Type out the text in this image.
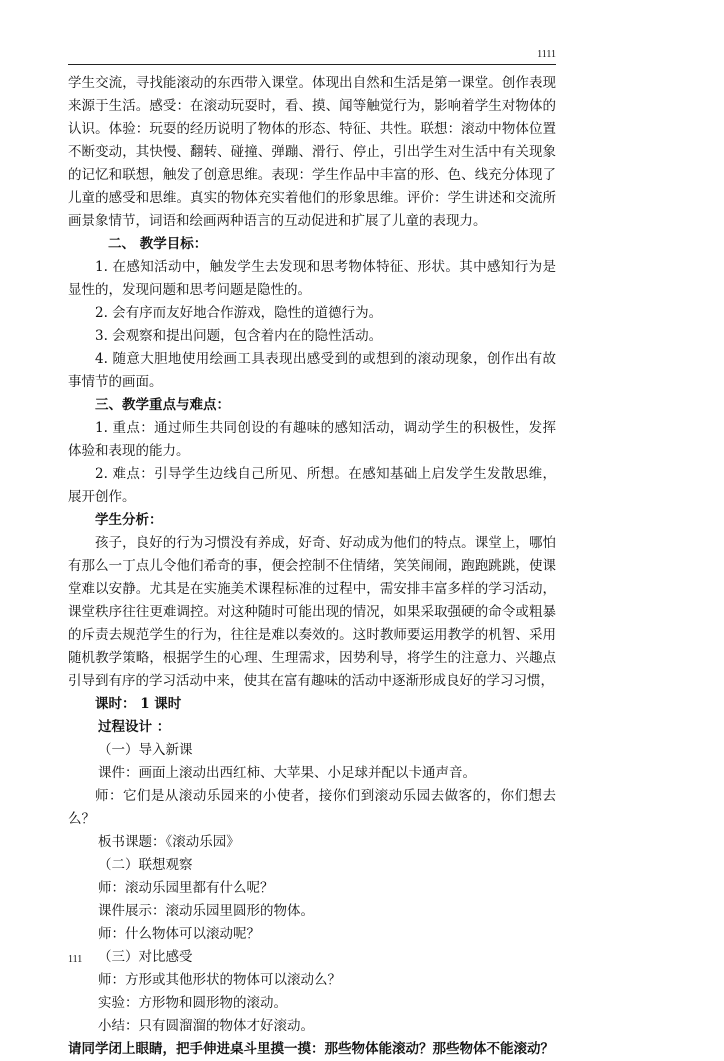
1111

学生交流，寻找能滚动的东西带入课堂。体现出自然和生活是第一课堂。创作表现来源于生活。感受：在滚动玩耍时，看、摸、闻等触觉行为，影响着学生对物体的认识。体验：玩耍的经历说明了物体的形态、特征、共性。联想：滚动中物体位置不断变动，其快慢、翻转、碰撞、弹蹦、滑行、停止，引出学生对生活中有关现象的记忆和联想，触发了创意思维。表现：学生作品中丰富的形、色、线充分体现了儿童的感受和思维。真实的物体充实着他们的形象思维。评价：学生讲述和交流所画景象情节，词语和绘画两种语言的互动促进和扩展了儿童的表现力。

二、 教学目标：

1. 在感知活动中，触发学生去发现和思考物体特征、形状。其中感知行为是显性的，发现问题和思考问题是隐性的。

2. 会有序而友好地合作游戏，隐性的道德行为。

3. 会观察和提出问题，包含着内在的隐性活动。

4. 随意大胆地使用绘画工具表现出感受到的或想到的滚动现象，创作出有故事情节的画面。

三、教学重点与难点：

1. 重点：通过师生共同创设的有趣味的感知活动，调动学生的积极性，发挥体验和表现的能力。

2. 难点：引导学生边线自己所见、所想。在感知基础上启发学生发散思维，展开创作。

学生分析：

孩子，良好的行为习惯没有养成，好奇、好动成为他们的特点。课堂上，哪怕有那么一丁点儿令他们希奇的事，便会控制不住情绪，笑笑闹闹，跑跑跳跳，使课堂难以安静。尤其是在实施美术课程标准的过程中，需安排丰富多样的学习活动，课堂秩序往往更难调控。对这种随时可能出现的情况，如果采取强硬的命令或粗暴的斥责去规范学生的行为，往往是难以奏效的。这时教师要运用教学的机智、采用随机教学策略，根据学生的心理、生理需求，因势利导，将学生的注意力、兴趣点引导到有序的学习活动中来，使其在富有趣味的活动中逐渐形成良好的学习习惯，

课时： 1 课时

过程设计 ：

（一）导入新课

课件：画面上滚动出西红柿、大苹果、小足球并配以卡通声音。

师：它们是从滚动乐园来的小使者，接你们到滚动乐园去做客的，你们想去么？

板书课题：《滚动乐园》

（二）联想观察

师：滚动乐园里都有什么呢？

课件展示：滚动乐园里圆形的物体。

师：什么物体可以滚动呢？

（三）对比感受

师：方形或其他形状的物体可以滚动么？

实验：方形物和圆形物的滚动。

小结：只有圆溜溜的物体才好滚动。

请同学闭上眼睛，把手伸进桌斗里摸一摸：那些物体能滚动？那些物体不能滚动？

111
